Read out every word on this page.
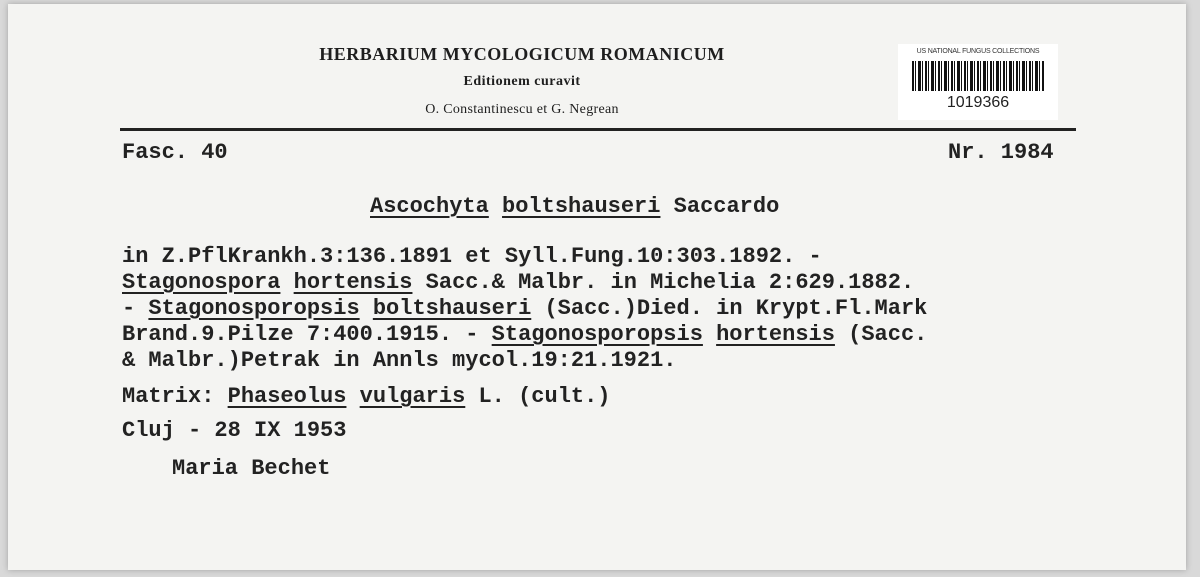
HERBARIUM MYCOLOGICUM ROMANICUM
Editionem curavit
O. Constantinescu et G. Negrean
US NATIONAL FUNGUS COLLECTIONS
1019366
Fasc. 40	Nr. 1984
Ascochyta boltshauseri Saccardo
in Z.PflKrankh.3:136.1891 et Syll.Fung.10:303.1892. -
Stagonospora hortensis Sacc.& Malbr. in Michelia 2:629.1882.
- Stagonosporopsis boltshauseri (Sacc.)Died. in Krypt.Fl.Mark
Brand.9.Pilze 7:400.1915. - Stagonosporopsis hortensis (Sacc.
& Malbr.)Petrak in Annls mycol.19:21.1921.
Matrix: Phaseolus vulgaris L. (cult.)
Cluj - 28 IX 1953
Maria Bechet
